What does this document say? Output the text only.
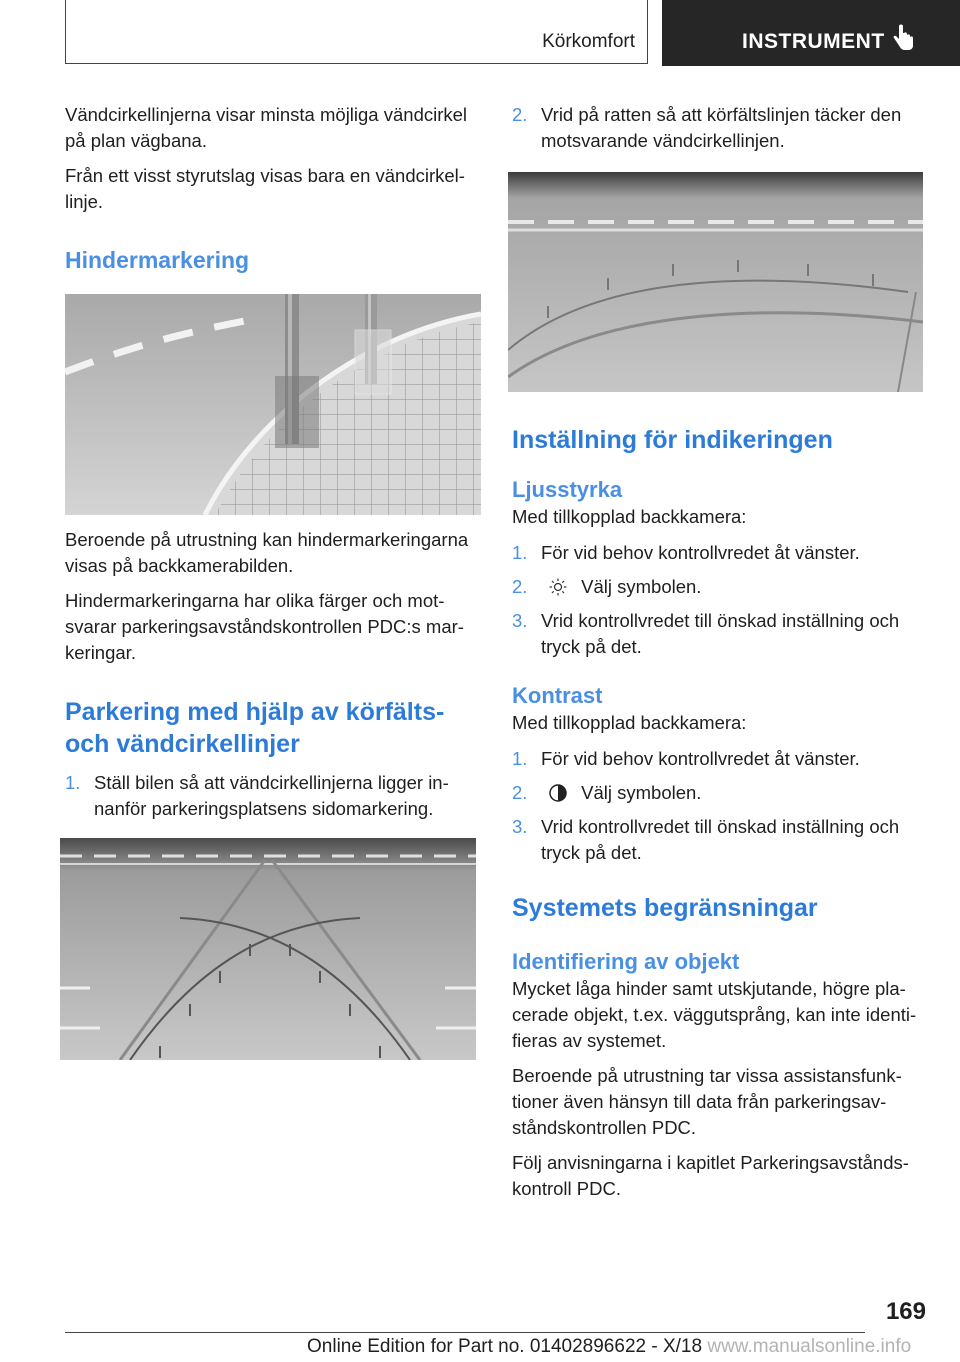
Körkomfort	INSTRUMENT

Vändcirkellinjerna visar minsta möjliga vändcirkel på plan vägbana.

Från ett visst styrutslag visas bara en vändcirkel-linje.

Hindermarkering

Beroende på utrustning kan hindermarkeringarna visas på backkamerabilden.

Hindermarkeringarna har olika färger och mot-svarar parkeringsavståndskontrollen PDC:s mar-keringar.

Parkering med hjälp av körfälts- och vändcirkellinjer
1. Ställ bilen så att vändcirkellinjerna ligger in-nanför parkeringsplatsens sidomarkering.
2. Vrid på ratten så att körfältslinjen täcker den motsvarande vändcirkellinjen.
Inställning för indikeringen
Ljusstyrka

Med tillkopplad backkamera:

1. För vid behov kontrollvredet åt vänster.
2.	Välj symbolen.
3. Vrid kontrollvredet till önskad inställning och tryck på det.
Kontrast

Med tillkopplad backkamera:

1. För vid behov kontrollvredet åt vänster.
2.	Välj symbolen.
3. Vrid kontrollvredet till önskad inställning och tryck på det.
Systemets begränsningar
Identifiering av objekt

Mycket låga hinder samt utskjutande, högre pla-cerade objekt, t.ex. väggutsprång, kan inte identi-fieras av systemet.

Beroende på utrustning tar vissa assistansfunk-tioner även hänsyn till data från parkeringsav-ståndskontrollen PDC.

Följ anvisningarna i kapitlet Parkeringsavstånds-kontroll PDC.

169
Online Edition for Part no. 01402896622 - X/18 www.manualsonline.info
